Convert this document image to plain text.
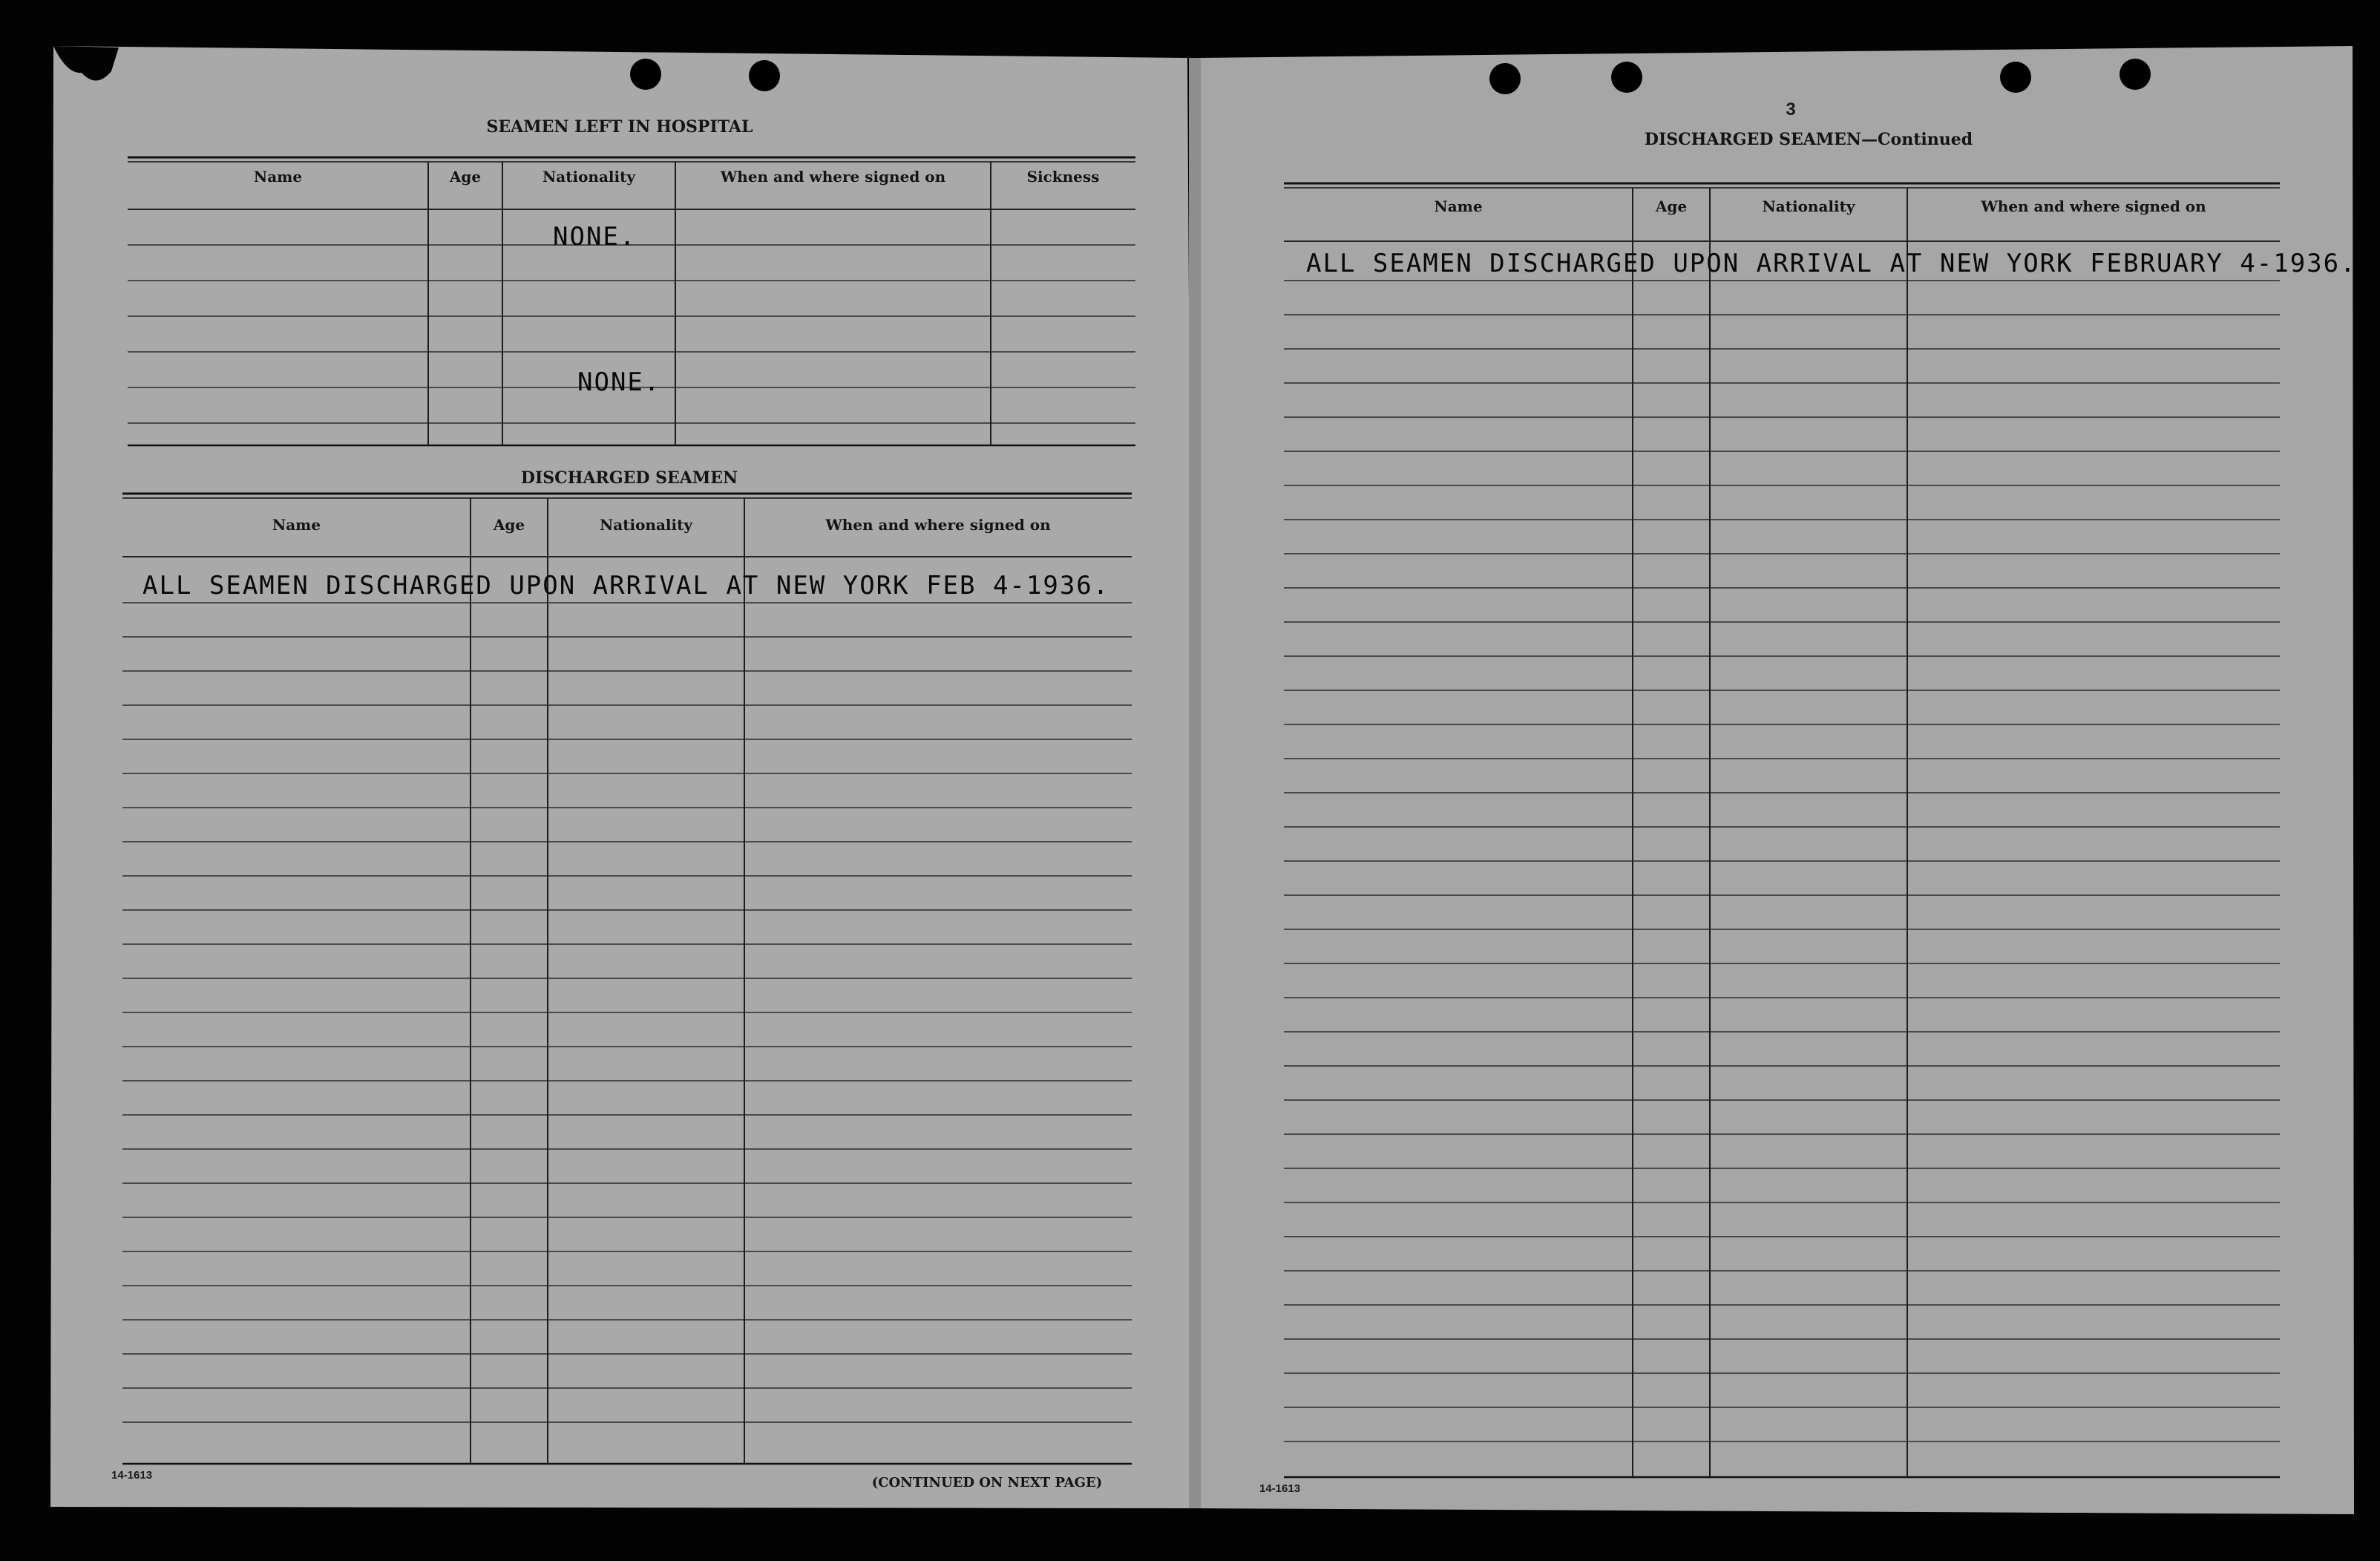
SEAMEN LEFT IN HOSPITAL
3
Name	Age	Nationality	When and where signed on	Sickness
Name	Age	Nationality	When and where signed on
Name	Age	Nationality	When and where signed on
NONE.
NONE.
DISCHARGED SEAMEN
ALL SEAMEN DISCHARGED UPON ARRIVAL AT NEW YORK FEB 4-1936.
DISCHARGED SEAMEN—Continued
ALL SEAMEN DISCHARGED UPON ARRIVAL AT NEW YORK FEBRUARY 4-1936.
14-1613	(CONTINUED ON NEXT PAGE)	14-1613
